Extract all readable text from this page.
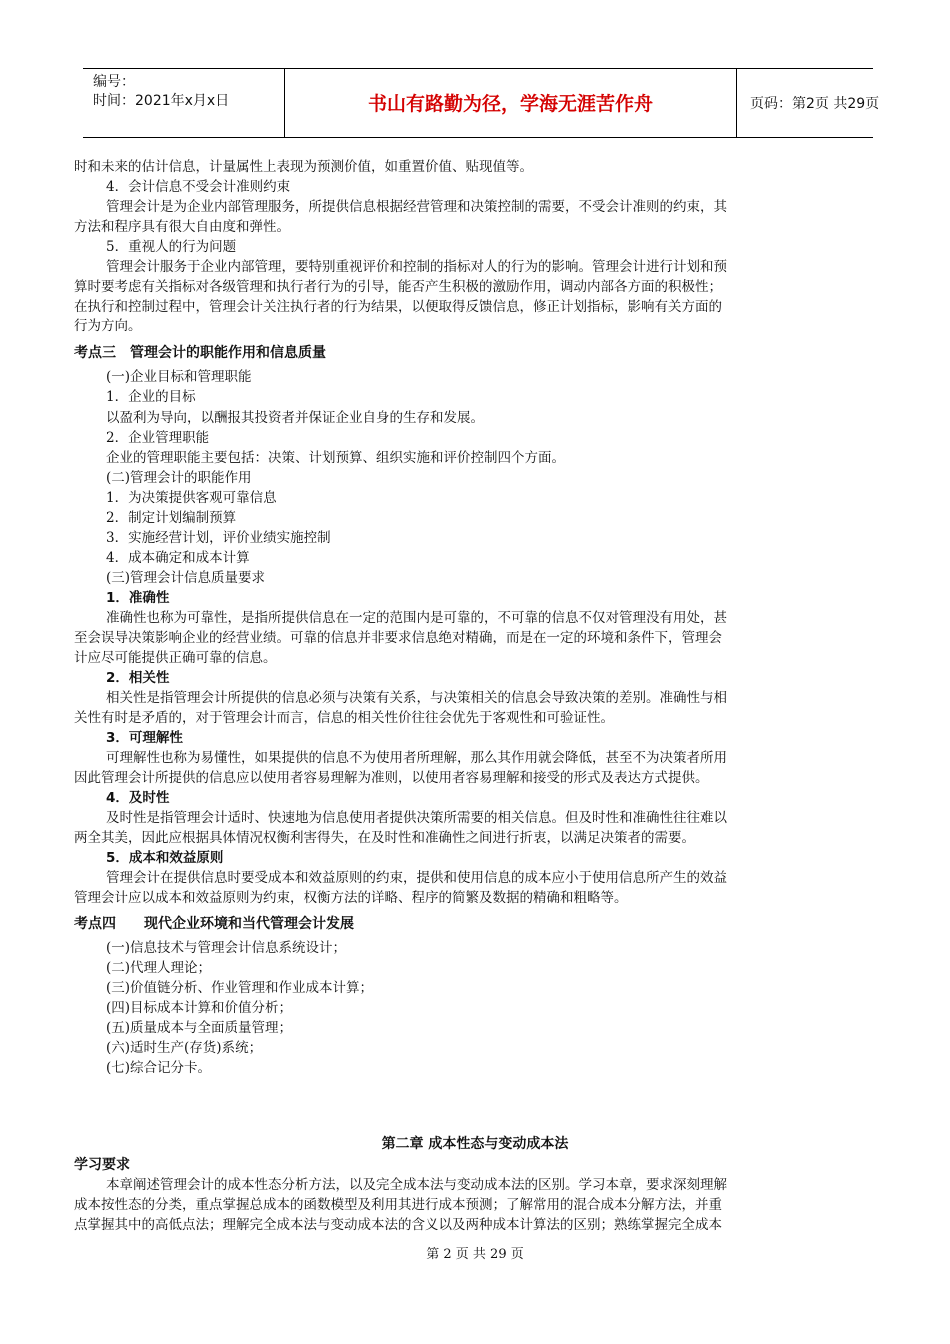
编号：
时间：2021年x月x日	书山有路勤为径，学海无涯苦作舟	页码：第2页 共29页
时和未来的估计信息，计量属性上表现为预测价值，如重置价值、贴现值等。
4．会计信息不受会计准则约束
管理会计是为企业内部管理服务，所提供信息根据经营管理和决策控制的需要，不受会计准则的约束，其
方法和程序具有很大自由度和弹性。
5．重视人的行为问题
管理会计服务于企业内部管理，要特别重视评价和控制的指标对人的行为的影响。管理会计进行计划和预
算时要考虑有关指标对各级管理和执行者行为的引导，能否产生积极的激励作用，调动内部各方面的积极性；
在执行和控制过程中，管理会计关注执行者的行为结果，以便取得反馈信息，修正计划指标，影响有关方面的
行为方向。
考点三　管理会计的职能作用和信息质量
(一)企业目标和管理职能
1．企业的目标
以盈利为导向，以酬报其投资者并保证企业自身的生存和发展。
2．企业管理职能
企业的管理职能主要包括：决策、计划预算、组织实施和评价控制四个方面。
(二)管理会计的职能作用
1．为决策提供客观可靠信息
2．制定计划编制预算
3．实施经营计划，评价业绩实施控制
4．成本确定和成本计算
(三)管理会计信息质量要求
1．准确性
准确性也称为可靠性，是指所提供信息在一定的范围内是可靠的，不可靠的信息不仅对管理没有用处，甚
至会误导决策影响企业的经营业绩。可靠的信息并非要求信息绝对精确，而是在一定的环境和条件下，管理会
计应尽可能提供正确可靠的信息。
2．相关性
相关性是指管理会计所提供的信息必须与决策有关系，与决策相关的信息会导致决策的差别。准确性与相
关性有时是矛盾的，对于管理会计而言，信息的相关性价往往会优先于客观性和可验证性。
3．可理解性
可理解性也称为易懂性，如果提供的信息不为使用者所理解，那么其作用就会降低，甚至不为决策者所用
因此管理会计所提供的信息应以使用者容易理解为准则，以使用者容易理解和接受的形式及表达方式提供。
4．及时性
及时性是指管理会计适时、快速地为信息使用者提供决策所需要的相关信息。但及时性和准确性往往难以
两全其美，因此应根据具体情况权衡利害得失，在及时性和准确性之间进行折衷，以满足决策者的需要。
5．成本和效益原则
管理会计在提供信息时要受成本和效益原则的约束，提供和使用信息的成本应小于使用信息所产生的效益
管理会计应以成本和效益原则为约束，权衡方法的详略、程序的简繁及数据的精确和粗略等。
考点四　　现代企业环境和当代管理会计发展
(一)信息技术与管理会计信息系统设计；
(二)代理人理论；
(三)价值链分析、作业管理和作业成本计算；
(四)目标成本计算和价值分析；
(五)质量成本与全面质量管理；
(六)适时生产(存货)系统；
(七)综合记分卡。
第二章 成本性态与变动成本法
学习要求
本章阐述管理会计的成本性态分析方法，以及完全成本法与变动成本法的区别。学习本章，要求深刻理解
成本按性态的分类，重点掌握总成本的函数模型及利用其进行成本预测；了解常用的混合成本分解方法，并重
点掌握其中的高低点法；理解完全成本法与变动成本法的含义以及两种成本计算法的区别；熟练掌握完全成本
第 2 页 共 29 页
